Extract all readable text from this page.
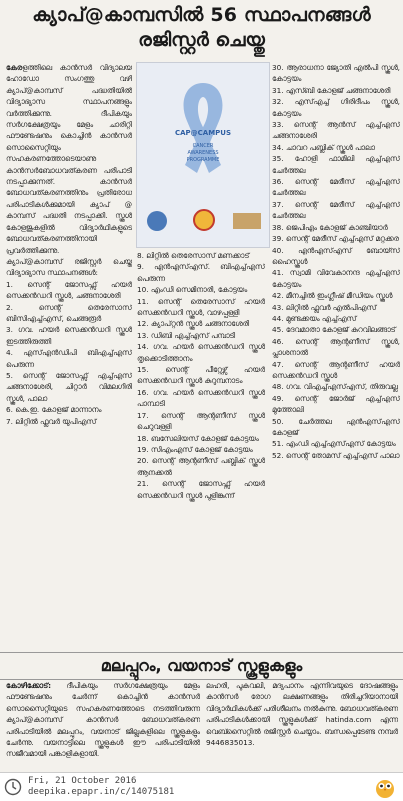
ക്യാപ്@കാമ്പസിൽ 56 സ്ഥാപനങ്ങൾ
രജിസ്റ്റർ ചെയ്തു

കേരളത്തിലെ കാൻസർ വിദ്യാലയ ഹോഡോ സംഗത്തു വഴി ക്യാപ്@കാമ്പസ് പദ്ധതിയിൽ വിദ്യാഭ്യാസ സ്ഥാപനങ്ങളും വർത്തിക്കുന്നു. ദീപികയും സർഗക്ഷേത്രയും മേളം ചാരിറ്റി ഫൗണ്ടേഷനും കൊച്ചിൻ കാൻസർ സൊസൈറ്റിയും സഹകരണത്തോടെയാണു കാൻസർബോധവത്കരണ പരിപാടി നടപ്പാക്കുന്നത്. കാൻസർ ബോധവത്കരണത്തിനും പ്രതിരോധ പരിപാടികൾക്കുമായി ക്യാപ് @ കാമ്പസ് പദ്ധതി നടപ്പാക്കി. സ്കൂൾ കോളജുകളിൽ വിദ്യാർഥികളുടെ ബോധവത്കരണത്തിനായി പ്രവർത്തിക്കുന്നു.

ക്യാപ്@കാമ്പസ് രജിസ്റ്റർ ചെയ്ത വിദ്യാഭ്യാസ സ്ഥാപനങ്ങൾ:

1. സെന്റ് ജോസഫ്സ് ഹയർ സെക്കൻഡറി സ്കൂൾ, ചങ്ങനാശേരി

2. സെന്റ് തെരേസാസ് ബിസിഎച്ച്എസ്, ചെങ്ങരൂർ

3. ഗവ. ഹയർ സെക്കൻഡറി സ്കൂൾ ഇടത്തിരുത്തി

4. എസ്എൻഡിപി ബിഎച്ച്എസ് പെരുന്ന

5. സെന്റ് ജോസഫ്സ് എച്ച്എസ് ചങ്ങനാശേരി, ചിറ്റാർ വിമലഗിരി സ്കൂൾ, പാലാ

6. കെ.ഇ. കോളജ് മാന്നാനം

7. ലിറ്റിൽ ഫ്ലവർ യുപിഎസ്

CAP@CAMPUS
CANCER
AWARENESS
PROGRAMME

8. ലിറ്റിൽ തെരേസാസ് മണക്കാട്

9. എൻഎസ്എസ്. ബിഎച്ച്എസ് പെരുന്ന

10. എംഡി സെമിനാരി, കോട്ടയം

11. സെന്റ് തെരേസാസ് ഹയർ സെക്കൻഡറി സ്കൂൾ, വാഴപ്പള്ളി

12. ക്യാപ്റ്റൻ സ്കൂൾ ചങ്ങനാശേരി

13. ഡിബി എച്ച്എസ് പമ്പാടി

14. ഗവ. ഹയർ സെക്കൻഡറി സ്കൂൾ തൃക്കൊടിത്താനം

15. സെന്റ് പീറ്റേഴ്സ് ഹയർ സെക്കൻഡറി സ്കൂൾ കുറുമ്പനാടം

16. ഗവ. ഹയർ സെക്കൻഡറി സ്കൂൾ പാമ്പാടി

17. സെന്റ് ആന്റണീസ് സ്കൂൾ ചെറുവള്ളി

18. ബസേലിയസ് കോളജ് കോട്ടയം

19. സിഎംഎസ് കോളജ് കോട്ടയം

20. സെന്റ് ആന്റണീസ് പബ്ലിക് സ്കൂൾ ആനക്കൽ

21. സെന്റ് ജോസഫ്സ് ഹയർ സെക്കൻഡറി സ്കൂൾ പുളിങ്കുന്ന്

30. ആരാധനാ ജ്യോതി എൽപി സ്കൂൾ, കോട്ടയം

31. എസ്ബി കോളജ് ചങ്ങനാശേരി

32. എസ്എച്ച് ഗിരിദീപം സ്കൂൾ, കോട്ടയം

33. സെന്റ് ആൻസ് എച്ച്എസ് ചങ്ങനാശേരി

34. ചാവറ പബ്ലിക് സ്കൂൾ പാലാ

35. ഹോളി ഫാമിലി എച്ച്എസ് ചേർത്തല

36. സെന്റ് മേരീസ് എച്ച്എസ് ചേർത്തല

37. സെന്റ് മേരീസ് എച്ച്എസ് ചേർത്തല

38. ജെപിഎം കോളജ് കാഞ്ചിയാർ

39. സെന്റ് മേരീസ് എച്ച്എസ് മറ്റക്കര

40. എൻഎസ്എസ് ബോയ്സ് ഹൈസ്കൂൾ

41. സ്വാമി വിവേകാനന്ദ എച്ച്എസ് കോട്ടയം

42. മീനച്ചിൽ ഇംഗ്ലീഷ് മീഡിയം സ്കൂൾ

43. ലിറ്റിൽ ഫ്ലവർ എൽപിഎസ്

44. മുണ്ടക്കയം എച്ച്എസ്

45. ദേവമാതാ കോളജ് കുറവിലങ്ങാട്

46. സെന്റ് ആന്റണീസ് സ്കൂൾ, പ്ലാശനാൽ

47. സെന്റ് ആന്റണീസ് ഹയർ സെക്കൻഡറി സ്കൂൾ

48. ഗവ. വിഎച്ച്എസ്എസ്, തിരുവല്ല

49. സെന്റ് ജോർജ് എച്ച്എസ് മുത്തോലി

50. ചേർത്തല എൻഎസ്എസ് കോളജ്

51. എംഡി എച്ച്എസ്എസ് കോട്ടയം

52. സെന്റ് തോമസ് എച്ച്എസ് പാലാ

മലപ്പുറം, വയനാട് സ്കൂളുകളും

കോഴിക്കോട്: ദീപികയും സർഗക്ഷേത്രയും മേളം ഫൗണ്ടേഷനും ചേർന്ന് കൊച്ചിൻ കാൻസർ സൊസൈറ്റിയുടെ സഹകരണത്തോടെ നടത്തിവരുന്ന ക്യാപ്@കാമ്പസ് കാൻസർ ബോധവത്കരണ പരിപാടിയിൽ മലപ്പുറം, വയനാട് ജില്ലകളിലെ സ്കൂളുകളും ചേർന്നു. വയനാട്ടിലെ സ്കൂളുകൾ ഈ പരിപാടിയിൽ സജീവമായി പങ്കാളികളായി.

ലഹരി, പുകവലി, മദ്യപാനം എന്നിവയുടെ ദോഷങ്ങളും കാൻസർ രോഗ ലക്ഷണങ്ങളും തിരിച്ചറിയാനായി വിദ്യാർഥികൾക്ക് പരിശീലനം നൽകുന്നു. ബോധവത്കരണ പരിപാടികൾക്കായി സ്കൂളുകൾക്ക് hatinda.com എന്ന വെബ്സൈറ്റിൽ രജിസ്റ്റർ ചെയ്യാം. ബന്ധപ്പെടേണ്ട നമ്പർ 9446835013.

Fri, 21 October 2016
deepika.epapr.in/c/14075181
